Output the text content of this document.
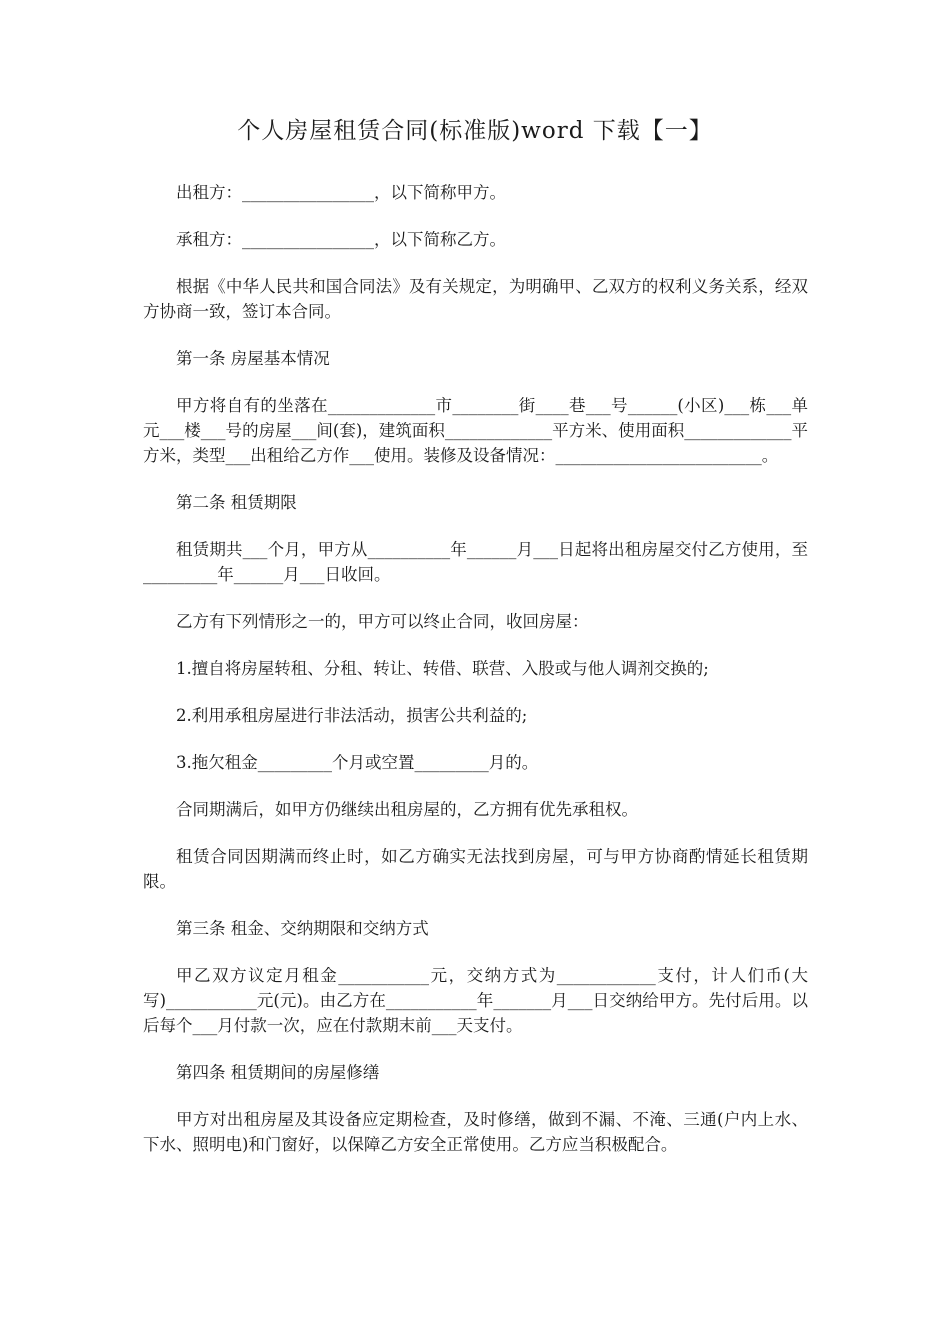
个人房屋租赁合同(标准版)word 下载【一】

出租方：________________，以下简称甲方。

承租方：________________，以下简称乙方。

根据《中华人民共和国合同法》及有关规定，为明确甲、乙双方的权利义务关系，经双方协商一致，签订本合同。

第一条 房屋基本情况

甲方将自有的坐落在_____________市________街____巷___号______(小区)___栋___单元___楼___号的房屋___间(套)，建筑面积_____________平方米、使用面积_____________平方米，类型___出租给乙方作___使用。装修及设备情况：_________________________。

第二条 租赁期限

租赁期共___个月，甲方从__________年______月___日起将出租房屋交付乙方使用，至_________年______月___日收回。

乙方有下列情形之一的，甲方可以终止合同，收回房屋：

1.擅自将房屋转租、分租、转让、转借、联营、入股或与他人调剂交换的;

2.利用承租房屋进行非法活动，损害公共利益的;

3.拖欠租金_________个月或空置_________月的。

合同期满后，如甲方仍继续出租房屋的，乙方拥有优先承租权。

租赁合同因期满而终止时，如乙方确实无法找到房屋，可与甲方协商酌情延长租赁期限。

第三条 租金、交纳期限和交纳方式

甲乙双方议定月租金___________元，交纳方式为____________支付，计人们币(大写)___________元(元)。由乙方在___________年_______月___日交纳给甲方。先付后用。以后每个___月付款一次，应在付款期末前___天支付。

第四条 租赁期间的房屋修缮

甲方对出租房屋及其设备应定期检查，及时修缮，做到不漏、不淹、三通(户内上水、下水、照明电)和门窗好，以保障乙方安全正常使用。乙方应当积极配合。
